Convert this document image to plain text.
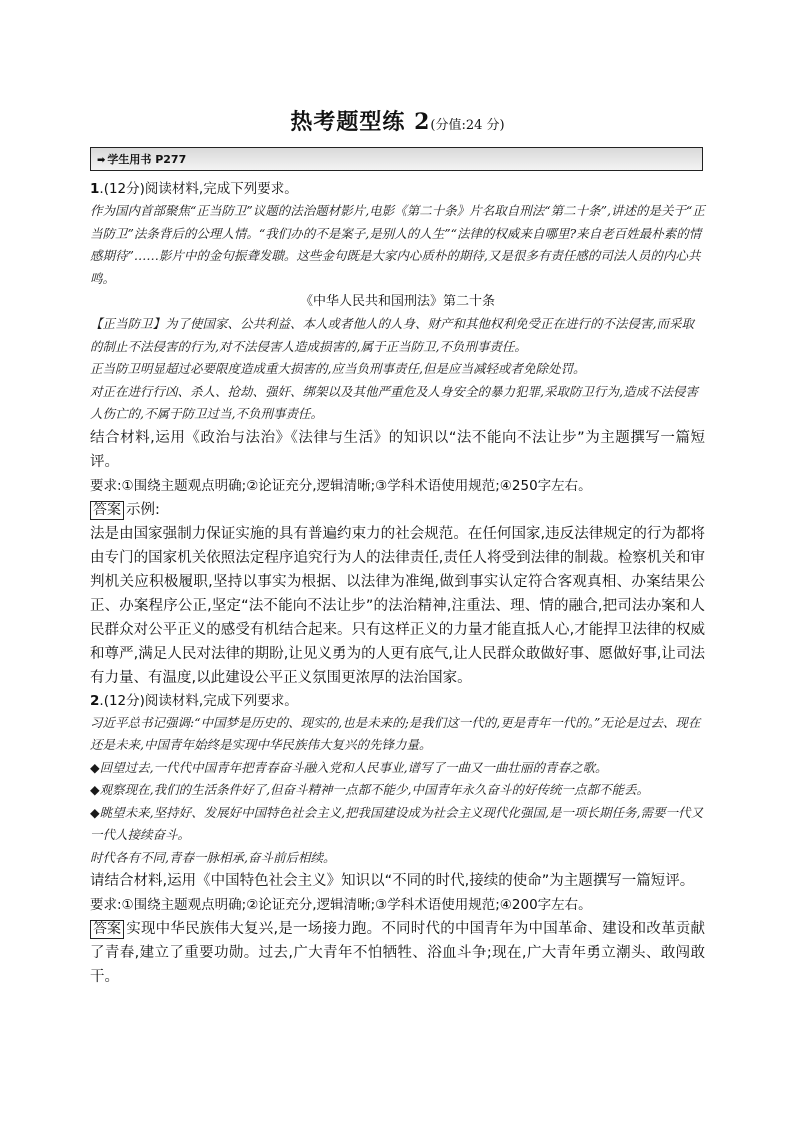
热考题型练 2(分值:24 分)
➡ 学生用书 P277
1.(12分)阅读材料,完成下列要求。
作为国内首部聚焦“正当防卫”议题的法治题材影片,电影《第二十条》片名取自刑法“第二十条”,讲述的是关于“正当防卫”法条背后的公理人情。“我们办的不是案子,是别人的人生”“法律的权威来自哪里?来自老百姓最朴素的情感期待”……影片中的金句振聋发聩。这些金句既是大家内心质朴的期待,又是很多有责任感的司法人员的内心共鸣。
《中华人民共和国刑法》第二十条
【正当防卫】为了使国家、公共利益、本人或者他人的人身、财产和其他权利免受正在进行的不法侵害,而采取的制止不法侵害的行为,对不法侵害人造成损害的,属于正当防卫,不负刑事责任。
正当防卫明显超过必要限度造成重大损害的,应当负刑事责任,但是应当减轻或者免除处罚。
对正在进行行凶、杀人、抢劫、强奸、绑架以及其他严重危及人身安全的暴力犯罪,采取防卫行为,造成不法侵害人伤亡的,不属于防卫过当,不负刑事责任。
结合材料,运用《政治与法治》《法律与生活》的知识以“法不能向不法让步”为主题撰写一篇短评。
要求:①围绕主题观点明确;②论证充分,逻辑清晰;③学科术语使用规范;④250字左右。
答案 示例:
法是由国家强制力保证实施的具有普遍约束力的社会规范。在任何国家,违反法律规定的行为都将由专门的国家机关依照法定程序追究行为人的法律责任,责任人将受到法律的制裁。检察机关和审判机关应积极履职,坚持以事实为根据、以法律为准绳,做到事实认定符合客观真相、办案结果公正、办案程序公正,坚定“法不能向不法让步”的法治精神,注重法、理、情的融合,把司法办案和人民群众对公平正义的感受有机结合起来。只有这样正义的力量才能直抵人心,才能捍卫法律的权威和尊严,满足人民对法律的期盼,让见义勇为的人更有底气,让人民群众敢做好事、愿做好事,让司法有力量、有温度,以此建设公平正义氛围更浓厚的法治国家。
2.(12分)阅读材料,完成下列要求。
习近平总书记强调:“中国梦是历史的、现实的,也是未来的;是我们这一代的,更是青年一代的。”无论是过去、现在还是未来,中国青年始终是实现中华民族伟大复兴的先锋力量。
◆回望过去,一代代中国青年把青春奋斗融入党和人民事业,谱写了一曲又一曲壮丽的青春之歌。
◆观察现在,我们的生活条件好了,但奋斗精神一点都不能少,中国青年永久奋斗的好传统一点都不能丢。
◆眺望未来,坚持好、发展好中国特色社会主义,把我国建设成为社会主义现代化强国,是一项长期任务,需要一代又一代人接续奋斗。
时代各有不同,青春一脉相承,奋斗前后相续。
请结合材料,运用《中国特色社会主义》知识以“不同的时代,接续的使命”为主题撰写一篇短评。
要求:①围绕主题观点明确;②论证充分,逻辑清晰;③学科术语使用规范;④200字左右。
答案 实现中华民族伟大复兴,是一场接力跑。不同时代的中国青年为中国革命、建设和改革贡献了青春,建立了重要功勋。过去,广大青年不怕牺牲、浴血斗争;现在,广大青年勇立潮头、敢闯敢干。
